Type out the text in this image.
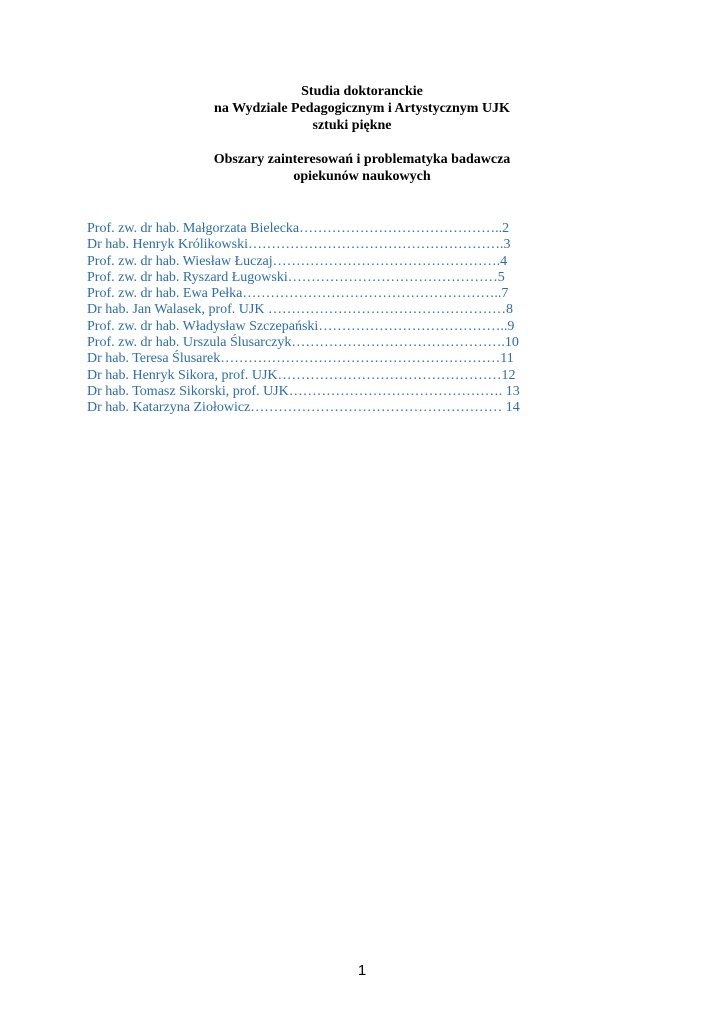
Studia doktoranckie
na Wydziale Pedagogicznym i Artystycznym UJK
sztuki piękne
Obszary zainteresowań i problematyka badawcza
opiekunów naukowych
Prof. zw. dr hab. Małgorzata Bielecka……………………………………..2
Dr hab. Henryk Królikowski……………………………………………….3
Prof. zw. dr hab. Wiesław Łuczaj………………………………………….4
Prof. zw. dr hab. Ryszard Ługowski………………………………………5
Prof. zw. dr hab. Ewa Pełka………………………………………………..7
Dr hab. Jan Walasek, prof. UJK ……………………………………………8
Prof. zw. dr hab. Władysław Szczepański…………………………………..9
Prof. zw. dr hab. Urszula Ślusarczyk……………………………………….10
Dr hab. Teresa Ślusarek……………………………………………………11
Dr hab. Henryk Sikora, prof. UJK…………………………………………12
Dr hab. Tomasz Sikorski, prof. UJK………………………………………. 13
Dr hab. Katarzyna Ziołowicz……………………………………………… 14
1
